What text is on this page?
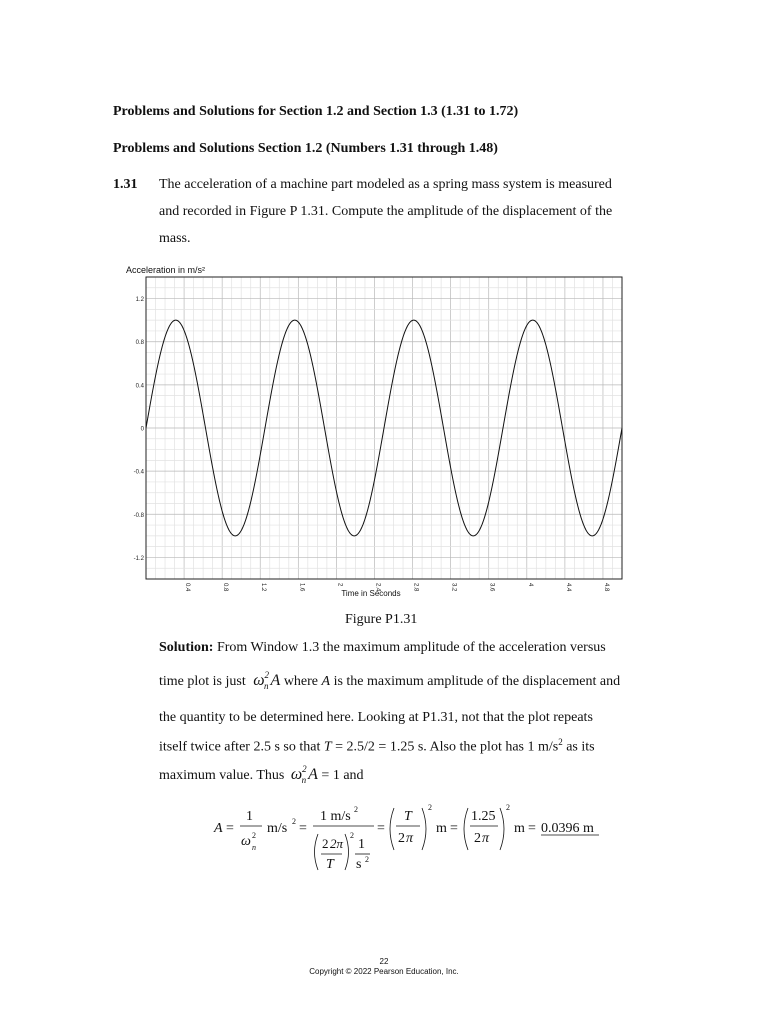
Problems and Solutions for Section 1.2 and Section 1.3 (1.31 to 1.72)
Problems and Solutions Section 1.2 (Numbers 1.31 through 1.48)
1.31 The acceleration of a machine part modeled as a spring mass system is measured
and recorded in Figure P 1.31. Compute the amplitude of the displacement of the
mass.
Acceleration in m/s²
1.2
0.8
0.4
0
-0.4
-0.8
-1.2
0.4	0.8	1.2	1.6	2	2.4	2.8	3.2	3.6	4	4.4	4.8
Time in Seconds
Figure P1.31
Solution: From Window 1.3 the maximum amplitude of the acceleration versus
time plot is just $\omega^2_n$ A where A is the maximum amplitude of the displacement and
the quantity to be determined here. Looking at P1.31, not that the plot repeats
itself twice after 2.5 s so that T = 2.5/2 = 1.25 s. Also the plot has 1 $m/s^2$ as its
maximum value. Thus $\omega^2_n$ A = 1 and
A =
1
ω 2
n
m/s 2 =
1 m/s 2
2 2π
T
2
1
s 2
=
T
2 π
2
m =
1.25
2 π
2
m = 0.0396 m
22
Copyright © 2022 Pearson Education, Inc.
